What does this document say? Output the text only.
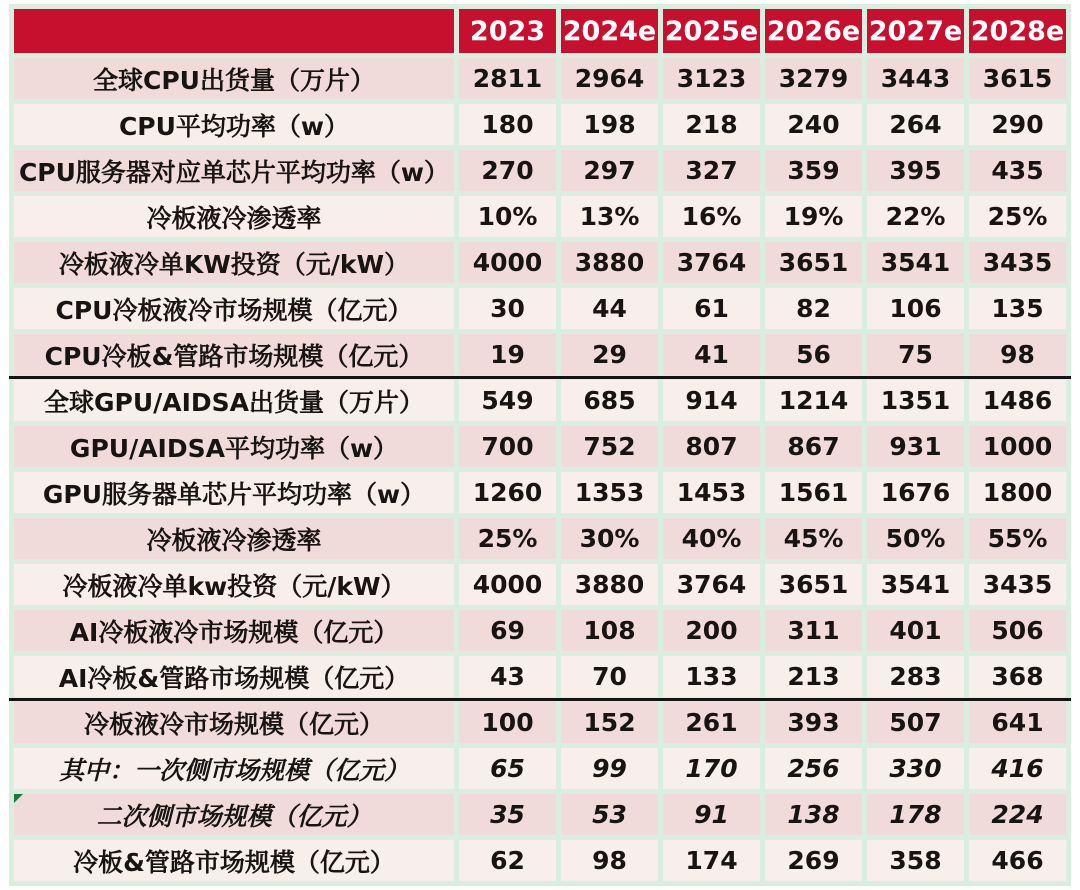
	2023	2024e	2025e	2026e	2027e	2028e
全球CPU出货量（万片）	2811	2964	3123	3279	3443	3615
CPU平均功率（w）	180	198	218	240	264	290
CPU服务器对应单芯片平均功率（w）	270	297	327	359	395	435
冷板液冷渗透率	10%	13%	16%	19%	22%	25%
冷板液冷单KW投资（元/kW）	4000	3880	3764	3651	3541	3435
CPU冷板液冷市场规模（亿元）	30	44	61	82	106	135
CPU冷板&管路市场规模（亿元）	19	29	41	56	75	98
全球GPU/AIDSA出货量（万片）	549	685	914	1214	1351	1486
GPU/AIDSA平均功率（w）	700	752	807	867	931	1000
GPU服务器单芯片平均功率（w）	1260	1353	1453	1561	1676	1800
冷板液冷渗透率	25%	30%	40%	45%	50%	55%
冷板液冷单kw投资（元/kW）	4000	3880	3764	3651	3541	3435
AI冷板液冷市场规模（亿元）	69	108	200	311	401	506
AI冷板&管路市场规模（亿元）	43	70	133	213	283	368
冷板液冷市场规模（亿元）	100	152	261	393	507	641
其中：一次侧市场规模（亿元）	65	99	170	256	330	416

二次侧市场规模（亿元）	35	53	91	138	178	224
冷板&管路市场规模（亿元）	62	98	174	269	358	466
